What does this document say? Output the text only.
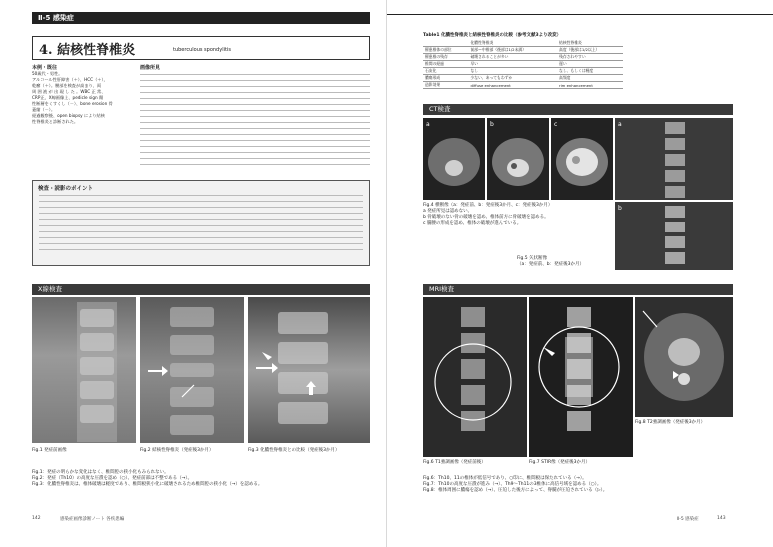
Ⅱ-5 感染症
4. 結核性脊椎炎	tuberculous spondylitis
本例・既往
50歳代・男性。
アルコール性肝障害（＋）、HCC（＋），
乾癬（＋）。腰部を検査が高まり、両
周 囲 液 が 出 現 し た 。WBC 正 常、
CRP正，X線画像上、pedicle sign 陽
性断層をくすくし（－）、bone erosion 骨
萎縮（－）。
経過観察後、open biopsy により結核
性脊椎炎と診断された。
画像所見
検査・読影のポイント
X線検査
Fig.1 発症前画像	Fig.2 結核性脊椎炎（発症後3か月）	Fig.3 化膿性脊椎炎との比較（発症後3か月）
Fig.1：発症の明らかな変化はなく、椎間腔の狭小化もみられない。
Fig.2：発症（Th10）の高度な圧潰を認め（○）、発症前部は不整である（→）。
Fig.3：化膿性脊椎炎は、椎体破壊は軽度であり、椎間板狭小化に破壊されるため椎間腔の狭小化（→）を認める。
142	感染症画像診断ノート 各疾患編
Table1 化膿性脊椎炎と結核性脊椎炎の比較（参考文献3より改変）
	化膿性脊椎炎	結核性脊椎炎
罹患椎体の部位	前部～中椎部（後部は1/2未満）	高度（後部は1/2以上）
罹患椎の残存	破壊されることが多い	残存されやすい
椎間の経過	早い	遅い
石灰化	なし	なし、もしくは軽度
膿瘍形成	少ない、あってもわずか	高頻度
造影効果	diffuse enhancement	rim enhancement
CT検査
a	b	c	a
b
Fig.4 横断像（a：発症前、b：発症後3か月、c：発症後3か月）
a 発症所見は認めない。
b 骨破壊のない骨の破壊を認め、椎体前方に骨破壊を認める。
c 腸腰の形成を認め、椎体の破壊が進んでいる。
Fig.5 矢状断像
（a：発症前、b：発症後3か月）
MRI検査
Fig.6 T1強調画像（発症前後）	Fig.7 STIR像（発症後3か月）
Fig.8 T2強調画像（発症後3か月）
Fig.6：Th10、11の椎体が低信号であり、○印に、椎間板は保たれている（→）。
Fig.7：Th10の高度な圧潰が進み（→）、Th9～Th11の3椎体に高信号域を認める（○）。
Fig.8：椎体周囲に膿瘍を認め（→）、圧迫した後方によって、脊髄が圧迫されている（▷）。
Ⅱ-5 感染症	143
